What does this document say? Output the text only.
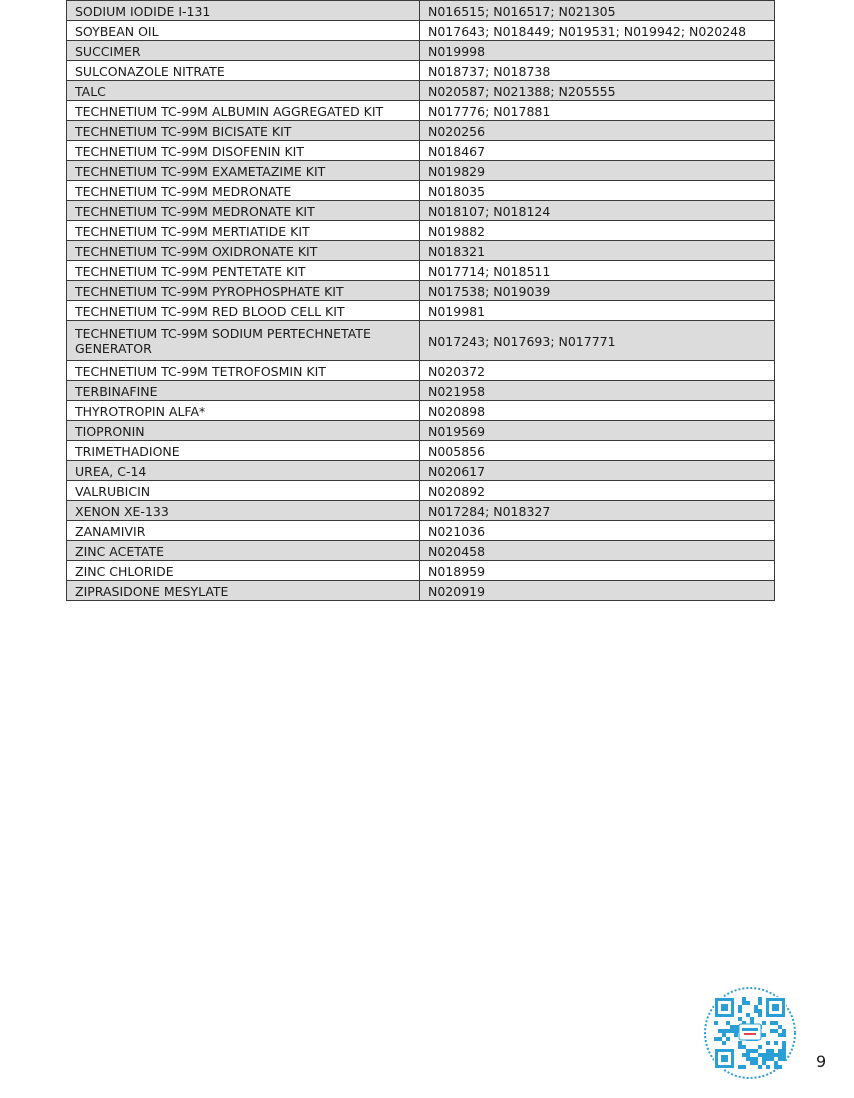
SODIUM IODIDE I-131	N016515; N016517; N021305
SOYBEAN OIL	N017643; N018449; N019531; N019942; N020248
SUCCIMER	N019998
SULCONAZOLE NITRATE	N018737; N018738
TALC	N020587; N021388; N205555
TECHNETIUM TC-99M ALBUMIN AGGREGATED KIT	N017776; N017881
TECHNETIUM TC-99M BICISATE KIT	N020256
TECHNETIUM TC-99M DISOFENIN KIT	N018467
TECHNETIUM TC-99M EXAMETAZIME KIT	N019829
TECHNETIUM TC-99M MEDRONATE	N018035
TECHNETIUM TC-99M MEDRONATE KIT	N018107; N018124
TECHNETIUM TC-99M MERTIATIDE KIT	N019882
TECHNETIUM TC-99M OXIDRONATE KIT	N018321
TECHNETIUM TC-99M PENTETATE KIT	N017714; N018511
TECHNETIUM TC-99M PYROPHOSPHATE KIT	N017538; N019039
TECHNETIUM TC-99M RED BLOOD CELL KIT	N019981
TECHNETIUM TC-99M SODIUM PERTECHNETATE GENERATOR	N017243; N017693; N017771
TECHNETIUM TC-99M TETROFOSMIN KIT	N020372
TERBINAFINE	N021958
THYROTROPIN ALFA*	N020898
TIOPRONIN	N019569
TRIMETHADIONE	N005856
UREA, C-14	N020617
VALRUBICIN	N020892
XENON XE-133	N017284; N018327
ZANAMIVIR	N021036
ZINC ACETATE	N020458
ZINC CHLORIDE	N018959
ZIPRASIDONE MESYLATE	N020919
9
